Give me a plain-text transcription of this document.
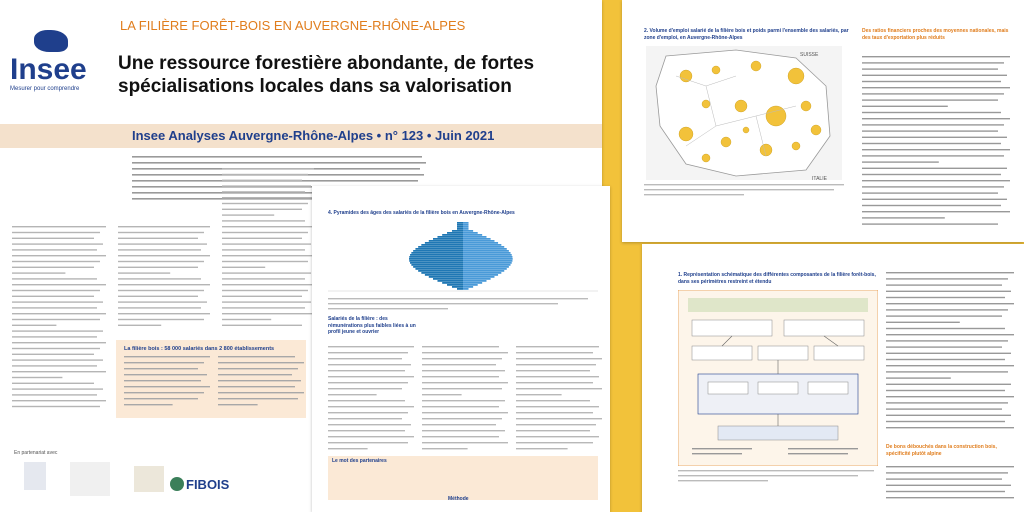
Insee
Mesurer pour comprendre
LA FILIÈRE FORÊT-BOIS EN AUVERGNE-RHÔNE-ALPES
Une ressource forestière abondante, de fortes spécialisations locales dans sa valorisation
Insee Analyses Auvergne-Rhône-Alpes • n° 123 • Juin 2021
La filière bois : 58 000 salariés dans 2 800 établissements
En partenariat avec
FIBOIS
4. Pyramides des âges des salariés de la filière bois en Auvergne-Rhône-Alpes
Salariés de la filière : des rémunérations plus faibles liées à un profil jeune et ouvrier
Le mot des partenaires
Méthode
2. Volume d'emploi salarié de la filière bois et poids parmi l'ensemble des salariés, par zone d'emploi, en Auvergne-Rhône-Alpes
SUISSE
ITALIE
Des ratios financiers proches des moyennes nationales, mais des taux d'exportation plus réduits
1. Représentation schématique des différentes composantes de la filière forêt-bois, dans ses périmètres restreint et étendu
De bons débouchés dans la construction bois, spécificité plutôt alpine
